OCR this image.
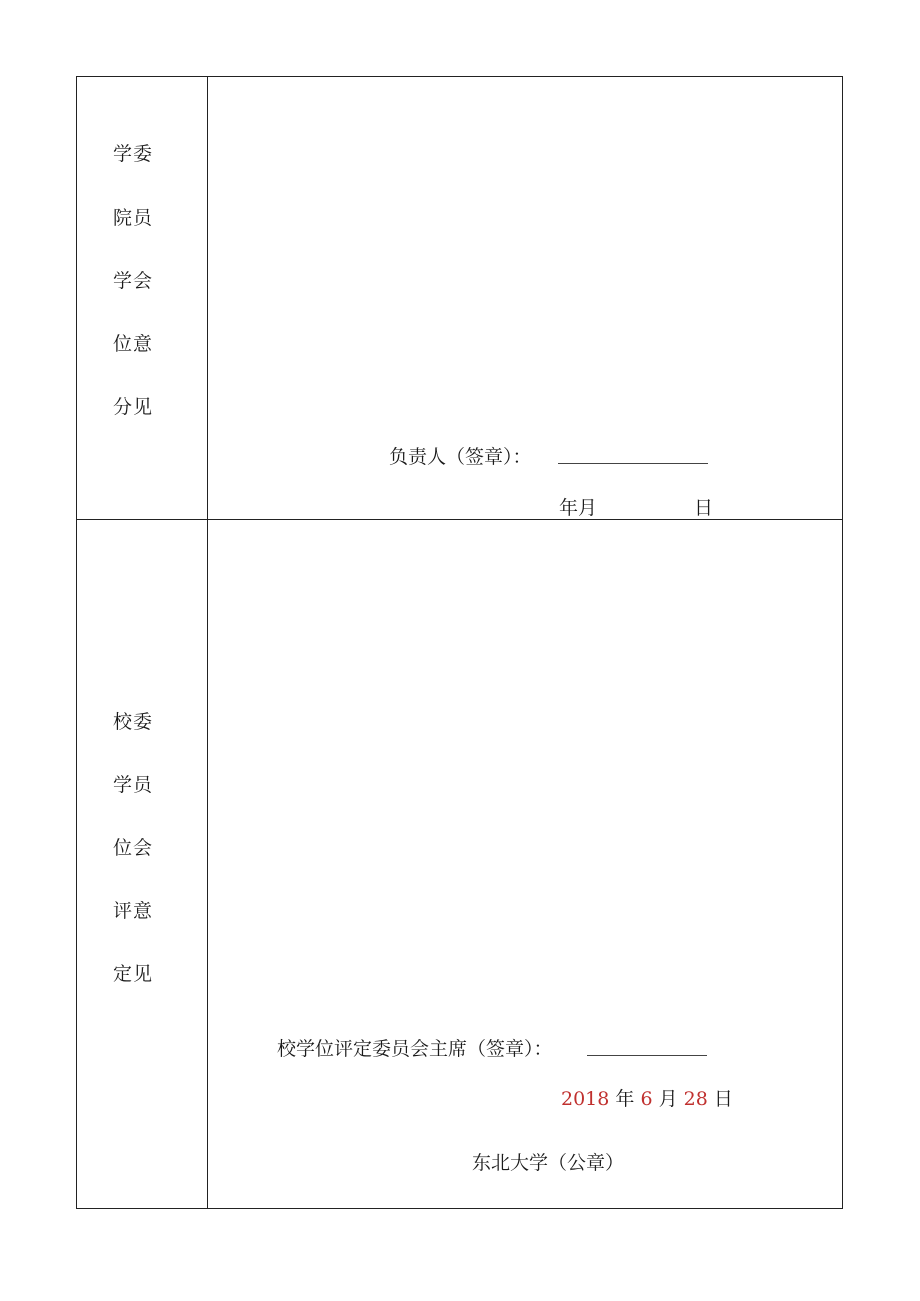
学委
院员
学会
位意
分见
负责人（签章）：
年月	日
校委
学员
位会
评意
定见
校学位评定委员会主席（签章）：
2018 年 6 月 28 日
东北大学（公章）
